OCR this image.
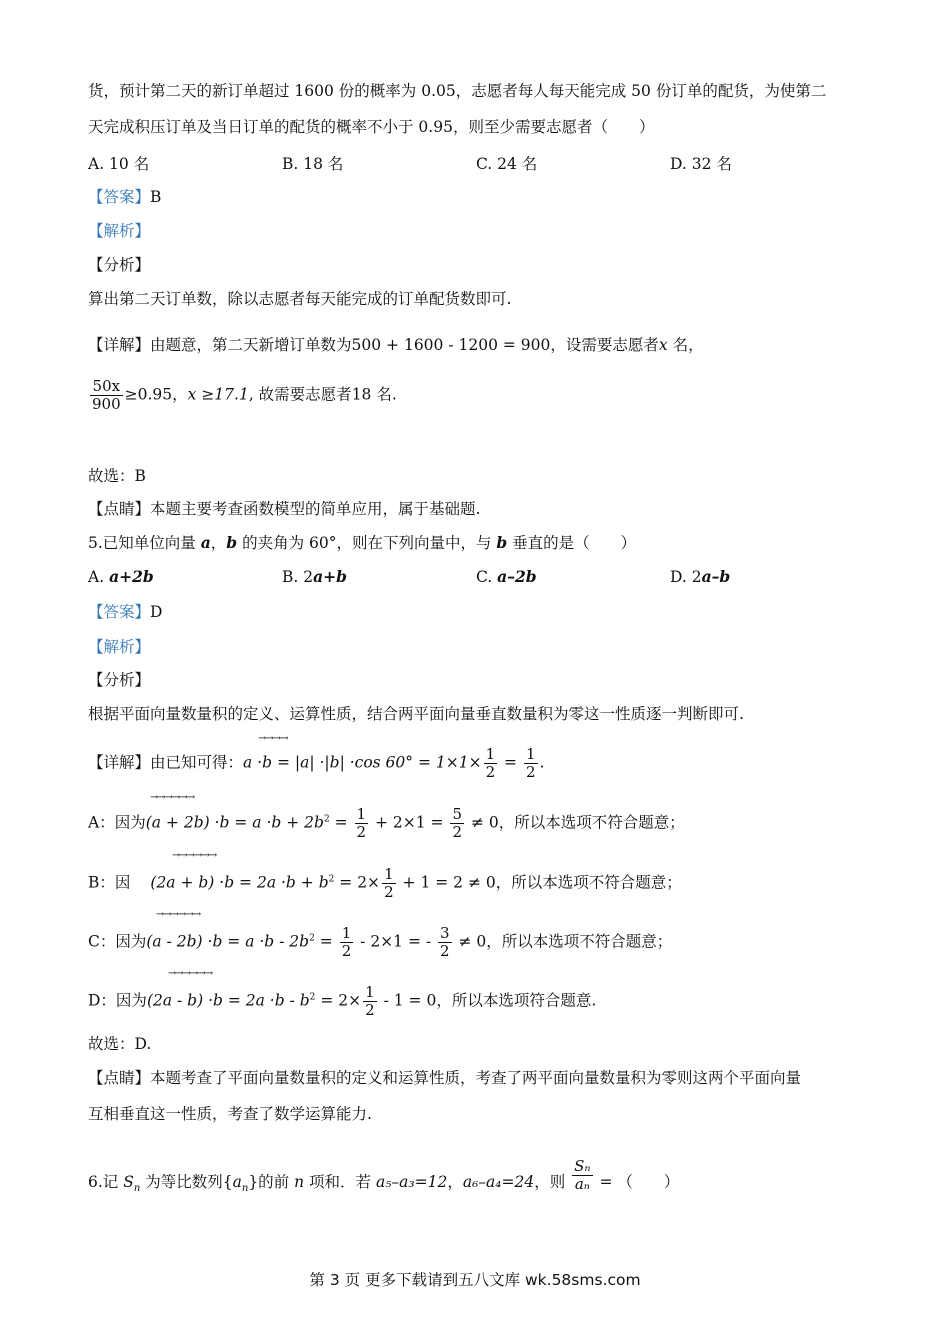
货，预计第二天的新订单超过 1600 份的概率为 0.05，志愿者每人每天能完成 50 份订单的配货，为使第二
天完成积压订单及当日订单的配货的概率不小于 0.95，则至少需要志愿者（　　）
A. 10 名	B. 18 名	C. 24 名	D. 32 名
【答案】B
【解析】
【分析】
算出第二天订单数，除以志愿者每天能完成的订单配货数即可.
【详解】由题意，第二天新增订单数为500 + 1600 - 1200 = 900，设需要志愿者x 名，
$\frac{50x}{900} \ge 0.95$，x ≥17.1, 故需要志愿者18 名.
故选：B
【点睛】本题主要考查函数模型的简单应用，属于基础题.
5.已知单位向量 a，b 的夹角为 60°，则在下列向量中，与 b 垂直的是（　　）
A. a+2b	B. 2a+b	C. a–2b	D. 2a–b
【答案】D
【解析】
【分析】
根据平面向量数量积的定义、运算性质，结合两平面向量垂直数量积为零这一性质逐一判断即可.
→→→→
【详解】由已知可得：a ·b = |a| ·|b| ·cos $60^\circ = 1\times 1\times \frac{1}{2} = \frac{1}{2}$ .
→→→→→→
A：因为$(a + 2b) \cdot b = a \cdot b + 2b^2 = \frac{1}{2} + 2\times 1 = \frac{5}{2} \ne 0$，所以本选项不符合题意；
→→→→→→
B：因 $(2a + b) \cdot b = 2a \cdot b + b^2 = 2\times \frac{1}{2} + 1 = 2 \ne 0$，所以本选项不符合题意；
→→→→→→
C：因为$(a - 2b) \cdot b = a \cdot b - 2b^2 = \frac{1}{2} - 2\times 1$ = - $\frac{3}{2} \ne 0$，所以本选项不符合题意；
→→→→→→
D：因为$(2a - b) \cdot b = 2a \cdot b - b^2 = 2\times \frac{1}{2} - 1 = 0$，所以本选项符合题意.
故选：D.
【点睛】本题考查了平面向量数量积的定义和运算性质，考查了两平面向量数量积为零则这两个平面向量
互相垂直这一性质，考查了数学运算能力.
6.记 $S_n$ 为等比数列$\{a_n\}$的前 n 项和．若 a₅–a₃=12，a₆–a₄=24，则 $\frac{\text{Sₙ}}{\text{aₙ}}$ = （　　）
第 3 页 更多下载请到五八文库 wk.58sms.com
